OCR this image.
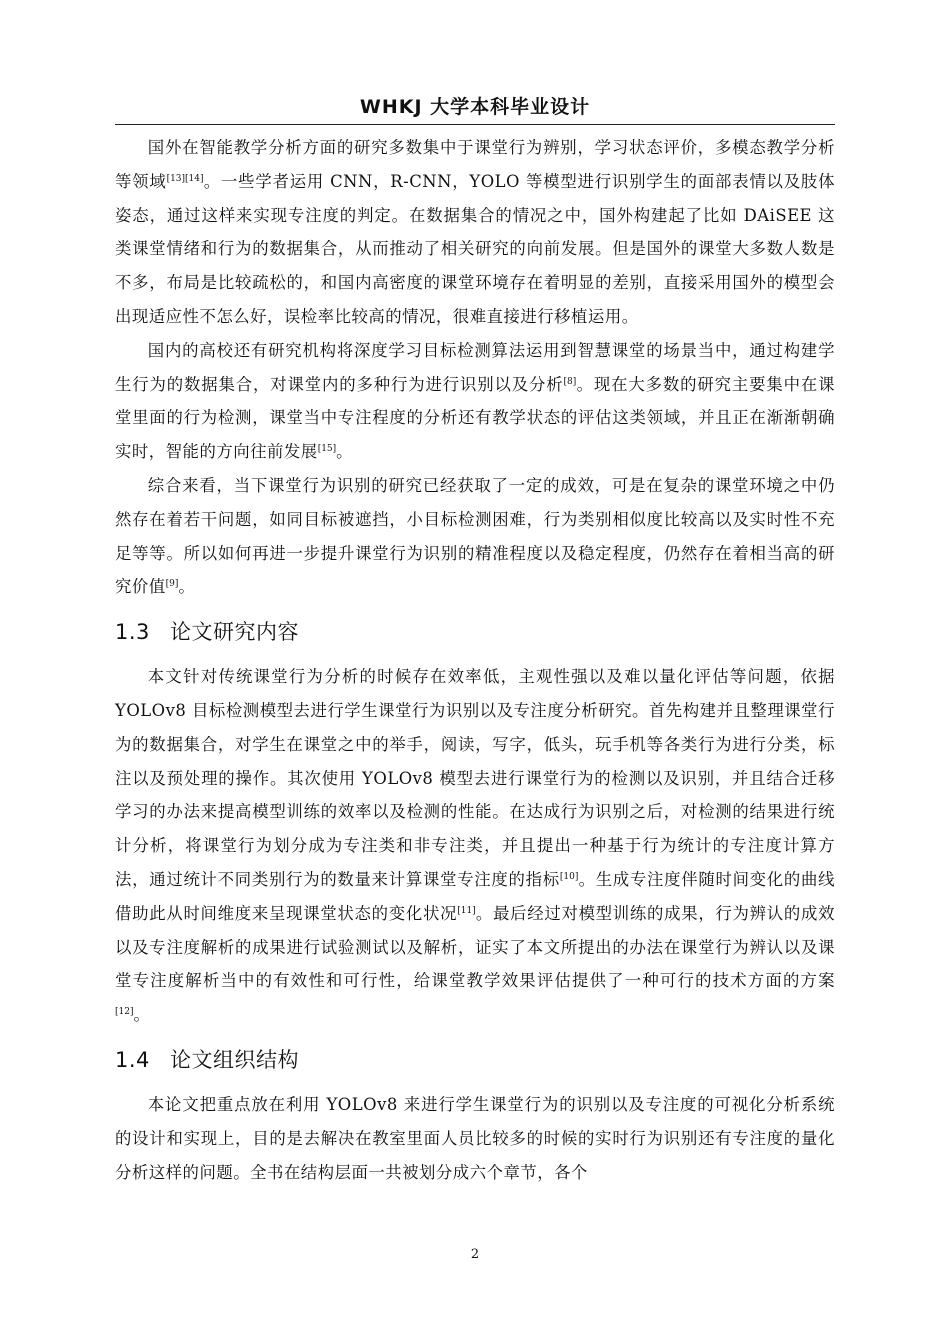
WHKJ 大学本科毕业设计

国外在智能教学分析方面的研究多数集中于课堂行为辨别，学习状态评价，多模态教学分析等领域[13][14]。一些学者运用 CNN，R-CNN，YOLO 等模型进行识别学生的面部表情以及肢体姿态，通过这样来实现专注度的判定。在数据集合的情况之中，国外构建起了比如 DAiSEE 这类课堂情绪和行为的数据集合，从而推动了相关研究的向前发展。但是国外的课堂大多数人数是不多，布局是比较疏松的，和国内高密度的课堂环境存在着明显的差别，直接采用国外的模型会出现适应性不怎么好，误检率比较高的情况，很难直接进行移植运用。

国内的高校还有研究机构将深度学习目标检测算法运用到智慧课堂的场景当中，通过构建学生行为的数据集合，对课堂内的多种行为进行识别以及分析[8]。现在大多数的研究主要集中在课堂里面的行为检测，课堂当中专注程度的分析还有教学状态的评估这类领域，并且正在渐渐朝确实时，智能的方向往前发展[15]。

综合来看，当下课堂行为识别的研究已经获取了一定的成效，可是在复杂的课堂环境之中仍然存在着若干问题，如同目标被遮挡，小目标检测困难，行为类别相似度比较高以及实时性不充足等等。所以如何再进一步提升课堂行为识别的精准程度以及稳定程度，仍然存在着相当高的研究价值[9]。

1.3 论文研究内容

本文针对传统课堂行为分析的时候存在效率低，主观性强以及难以量化评估等问题，依据 YOLOv8 目标检测模型去进行学生课堂行为识别以及专注度分析研究。首先构建并且整理课堂行为的数据集合，对学生在课堂之中的举手，阅读，写字，低头，玩手机等各类行为进行分类，标注以及预处理的操作。其次使用 YOLOv8 模型去进行课堂行为的检测以及识别，并且结合迁移学习的办法来提高模型训练的效率以及检测的性能。在达成行为识别之后，对检测的结果进行统计分析，将课堂行为划分成为专注类和非专注类，并且提出一种基于行为统计的专注度计算方法，通过统计不同类别行为的数量来计算课堂专注度的指标[10]。生成专注度伴随时间变化的曲线借助此从时间维度来呈现课堂状态的变化状况[11]。最后经过对模型训练的成果，行为辨认的成效以及专注度解析的成果进行试验测试以及解析，证实了本文所提出的办法在课堂行为辨认以及课堂专注度解析当中的有效性和可行性，给课堂教学效果评估提供了一种可行的技术方面的方案[12]。

1.4 论文组织结构

本论文把重点放在利用 YOLOv8 来进行学生课堂行为的识别以及专注度的可视化分析系统的设计和实现上，目的是去解决在教室里面人员比较多的时候的实时行为识别还有专注度的量化分析这样的问题。全书在结构层面一共被划分成六个章节，各个

2
